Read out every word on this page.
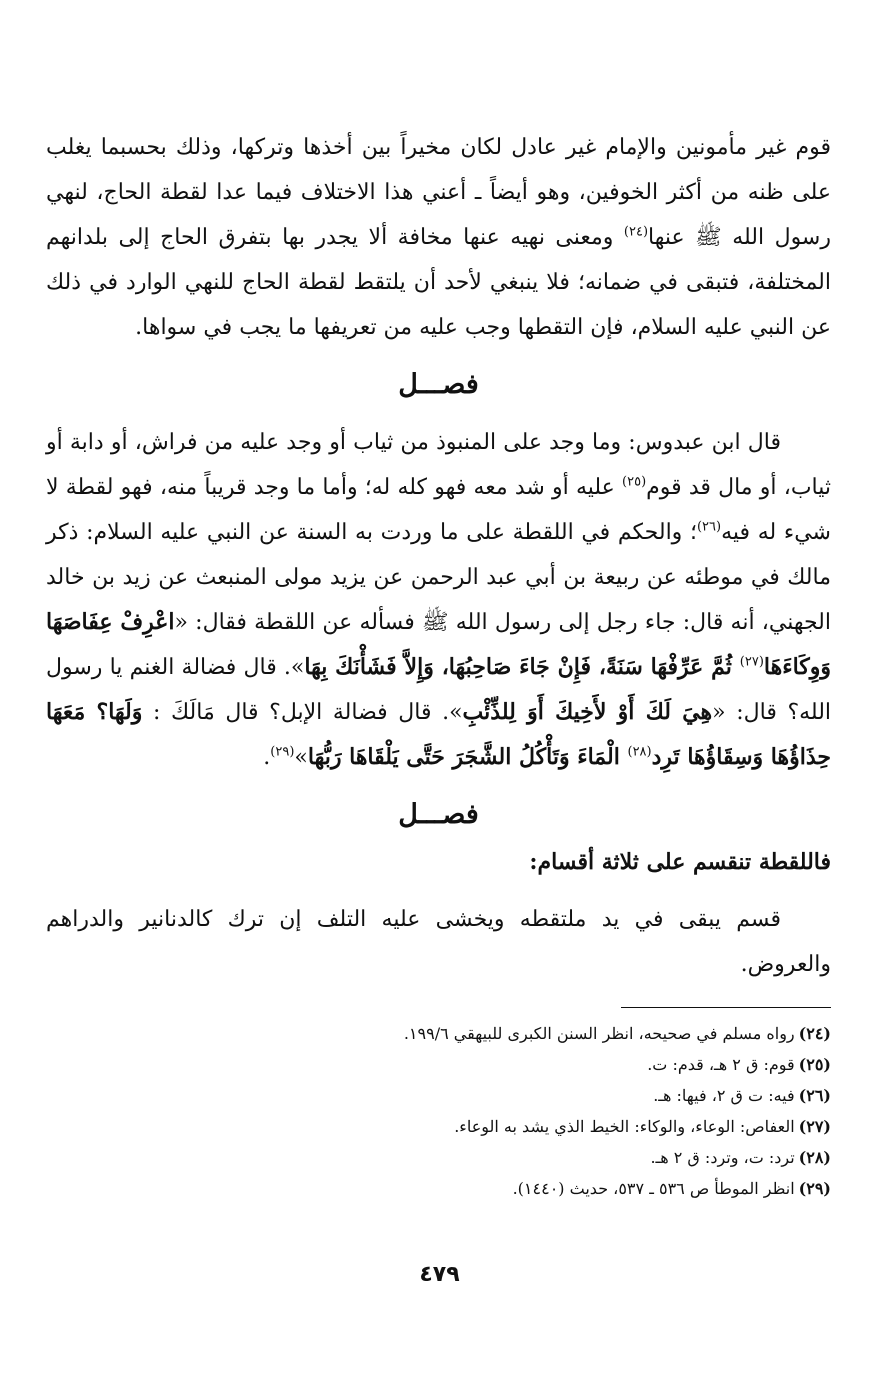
قوم غير مأمونين والإمام غير عادل لكان مخيراً بين أخذها وتركها، وذلك بحسبما يغلب على ظنه من أكثر الخوفين، وهو أيضاً ـ أعني هذا الاختلاف فيما عدا لقطة الحاج، لنهي رسول الله ﷺ عنها$^{(٢٤)}$ ومعنى نهيه عنها مخافة ألا يجدر بها بتفرق الحاج إلى بلدانهم المختلفة، فتبقى في ضمانه؛ فلا ينبغي لأحد أن يلتقط لقطة الحاج للنهي الوارد في ذلك عن النبي عليه السلام، فإن التقطها وجب عليه من تعريفها ما يجب في سواها.

فصـــل

قال ابن عبدوس: وما وجد على المنبوذ من ثياب أو وجد عليه من فراش، أو دابة أو ثياب، أو مال قد قوم$^{(٢٥)}$ عليه أو شد معه فهو كله له؛ وأما ما وجد قريباً منه، فهو لقطة لا شيء له فيه$^{(٢٦)}$؛ والحكم في اللقطة على ما وردت به السنة عن النبي عليه السلام: ذكر مالك في موطئه عن ربيعة بن أبي عبد الرحمن عن يزيد مولى المنبعث عن زيد بن خالد الجهني، أنه قال: جاء رجل إلى رسول الله ﷺ فسأله عن اللقطة فقال: «اعْرِفْ عِفَاصَهَا وَوِكَاءَهَا$^{(٢٧)}$ ثُمَّ عَرِّفْهَا سَنَةً، فَإِنْ جَاءَ صَاحِبُهَا، وَإِلاَّ فَشَأْنَكَ بِهَا». قال فضالة الغنم يا رسول الله؟ قال: «هِيَ لَكَ أَوْ لأَخِيكَ أَوَ لِلذِّئْبِ». قال فضالة الإبل؟ قال مَالَكَ : وَلَهَا؟ مَعَهَا حِذَاؤُهَا وَسِقَاؤُهَا تَرِد$^{(٢٨)}$ الْمَاءَ وَتَأْكُلُ الشَّجَرَ حَتَّى يَلْقَاهَا رَبُّهَا»$^{(٢٩)}$.

فصـــل
فاللقطة تنقسم على ثلاثة أقسام:

قسم يبقى في يد ملتقطه ويخشى عليه التلف إن ترك كالدنانير والدراهم والعروض.

(٢٤)رواه مسلم في صحيحه، انظر السنن الكبرى للبيهقي ١٩٩/٦.
(٢٥)قوم: ق ٢ هـ، قدم: ت.
(٢٦)فيه: ت ق ٢، فيها: هـ.
(٢٧)العفاص: الوعاء، والوكاء: الخيط الذي يشد به الوعاء.
(٢٨)ترد: ت، وترد: ق ٢ هـ.
(٢٩)انظر الموطأ ص ٥٣٦ ـ ٥٣٧، حديث (١٤٤٠).
٤٧٩
